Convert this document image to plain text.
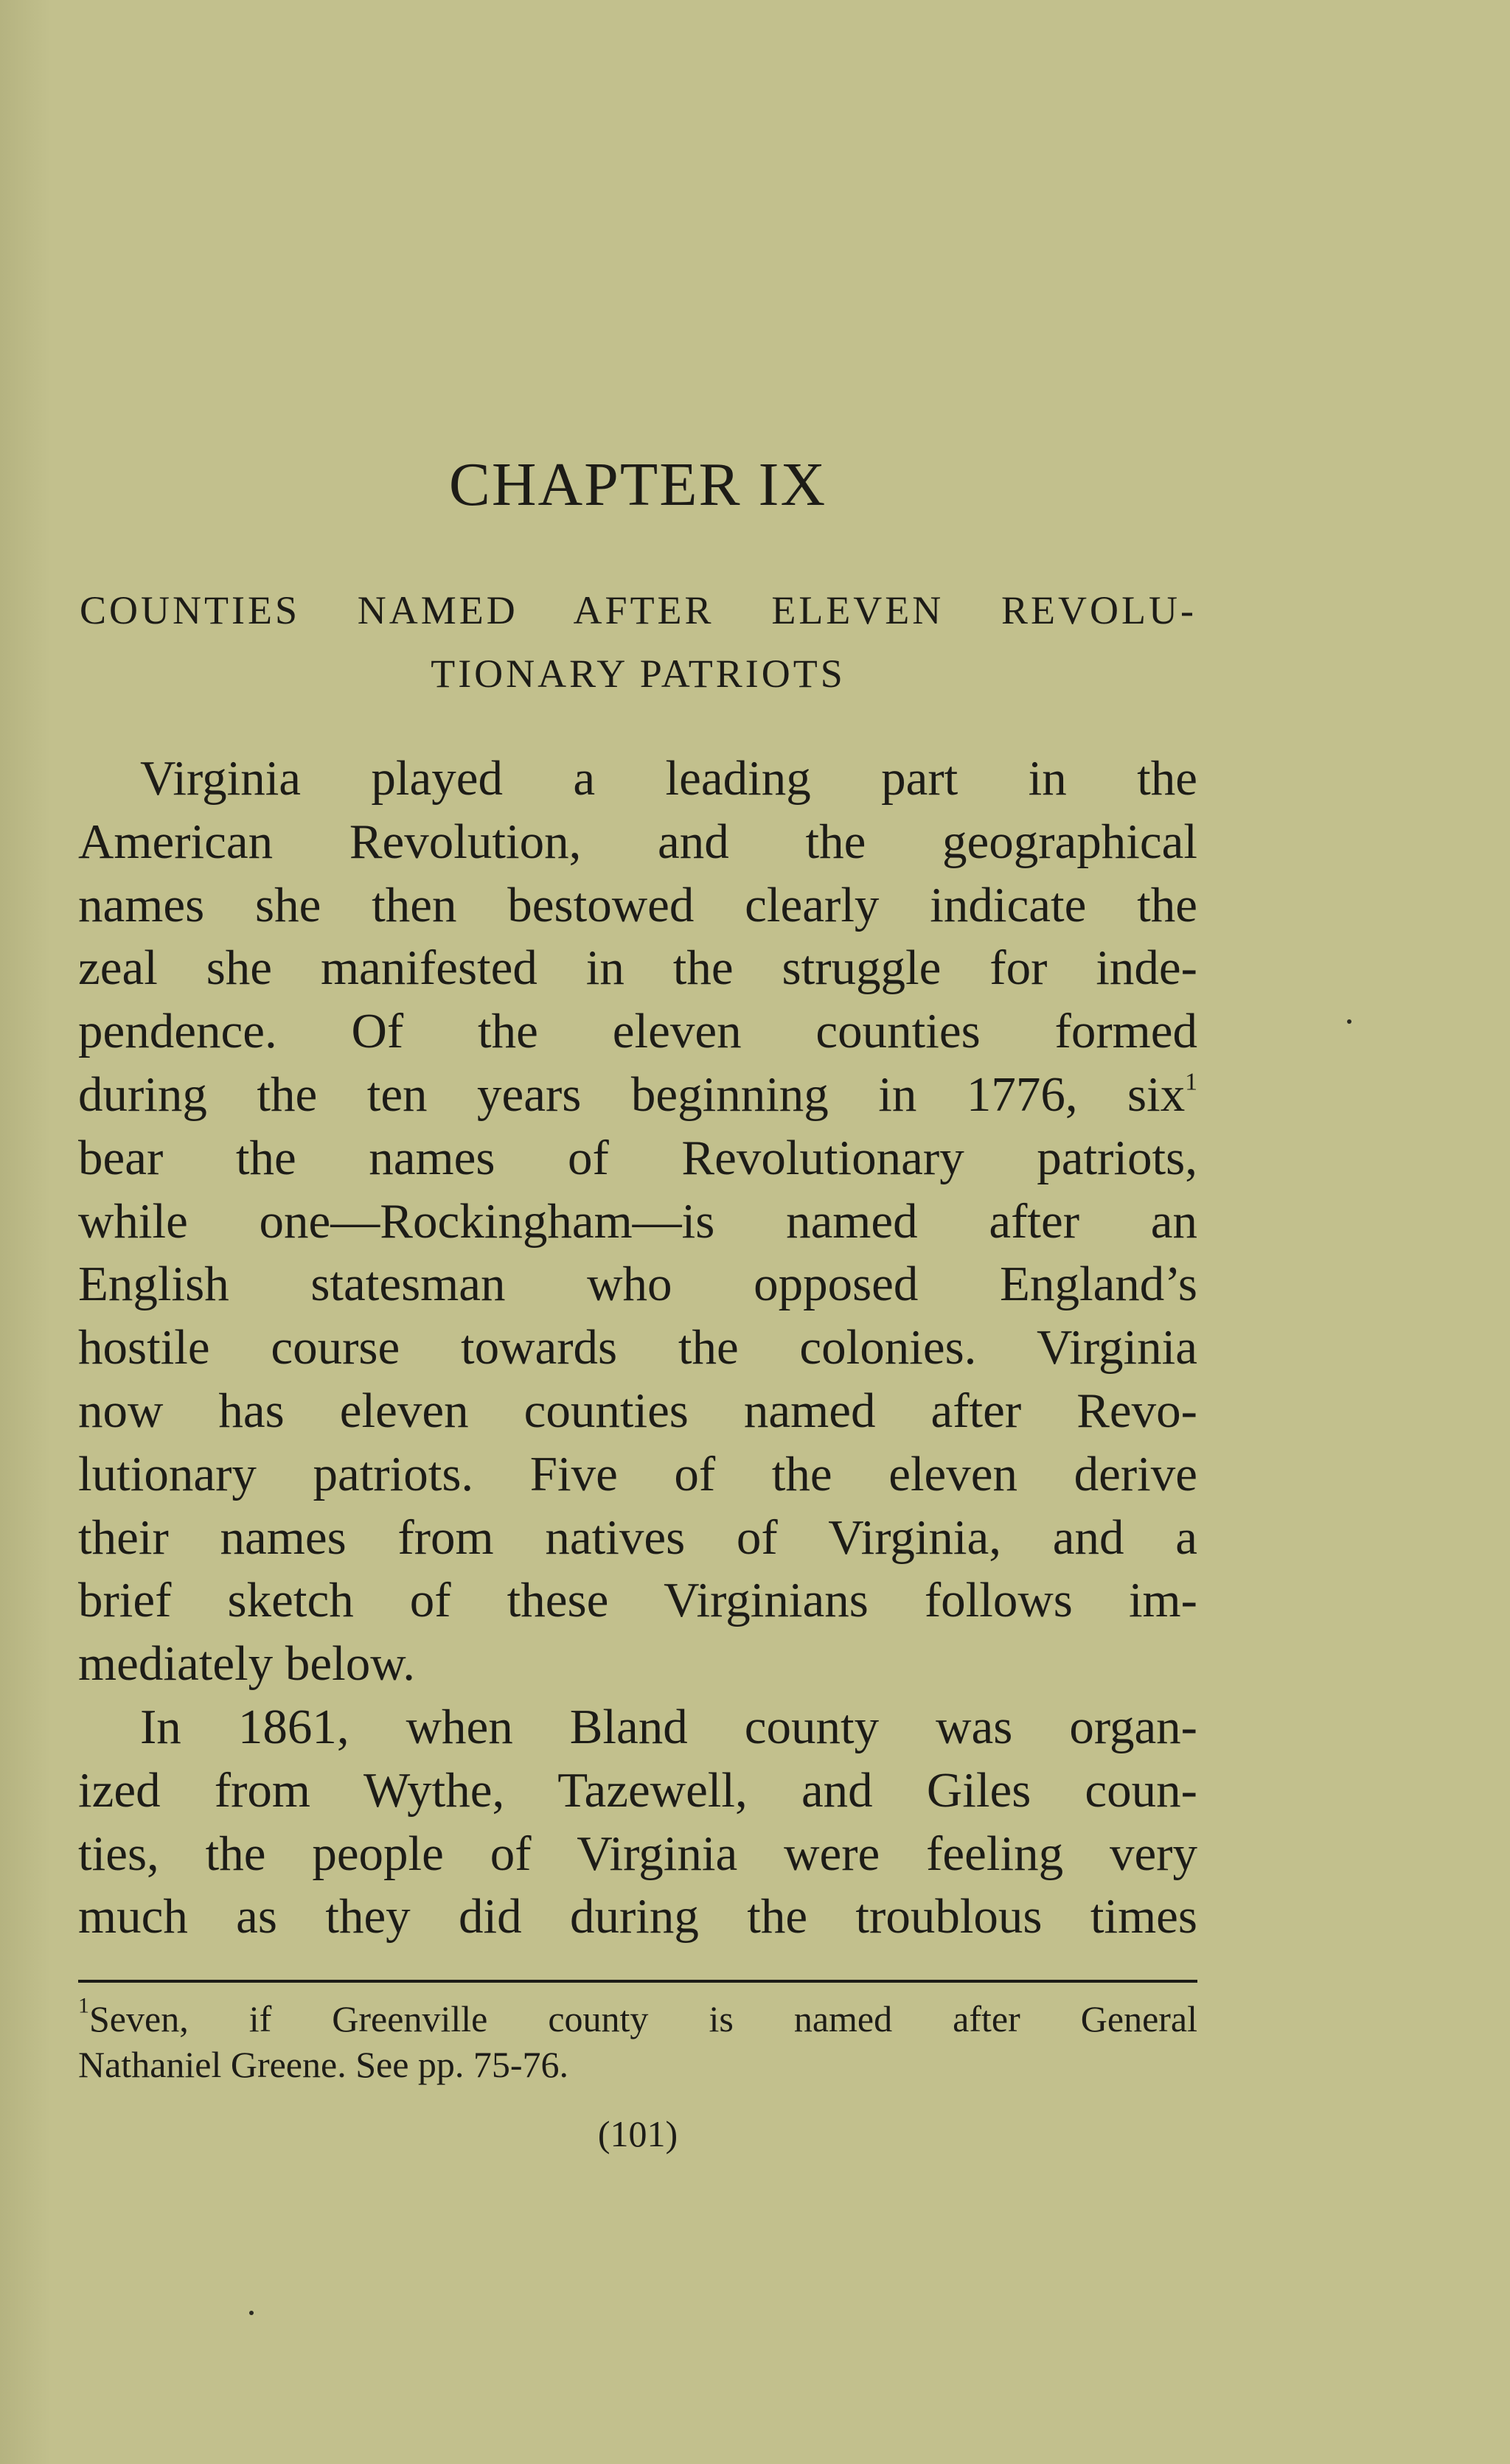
CHAPTER IX
COUNTIES NAMED AFTER ELEVEN REVOLU-
TIONARY PATRIOTS
Virginia played a leading part in the
American Revolution, and the geographical
names she then bestowed clearly indicate the
zeal she manifested in the struggle for inde-
pendence. Of the eleven counties formed
during the ten years beginning in 1776, six$^1$
bear the names of Revolutionary patriots,
while one—Rockingham—is named after an
English statesman who opposed England’s
hostile course towards the colonies. Virginia
now has eleven counties named after Revo-
lutionary patriots. Five of the eleven derive
their names from natives of Virginia, and a
brief sketch of these Virginians follows im-
mediately below.
In 1861, when Bland county was organ-
ized from Wythe, Tazewell, and Giles coun-
ties, the people of Virginia were feeling very
much as they did during the troublous times
$^1$Seven, if Greenville county is named after General
Nathaniel Greene. See pp. 75-76.
(101)
